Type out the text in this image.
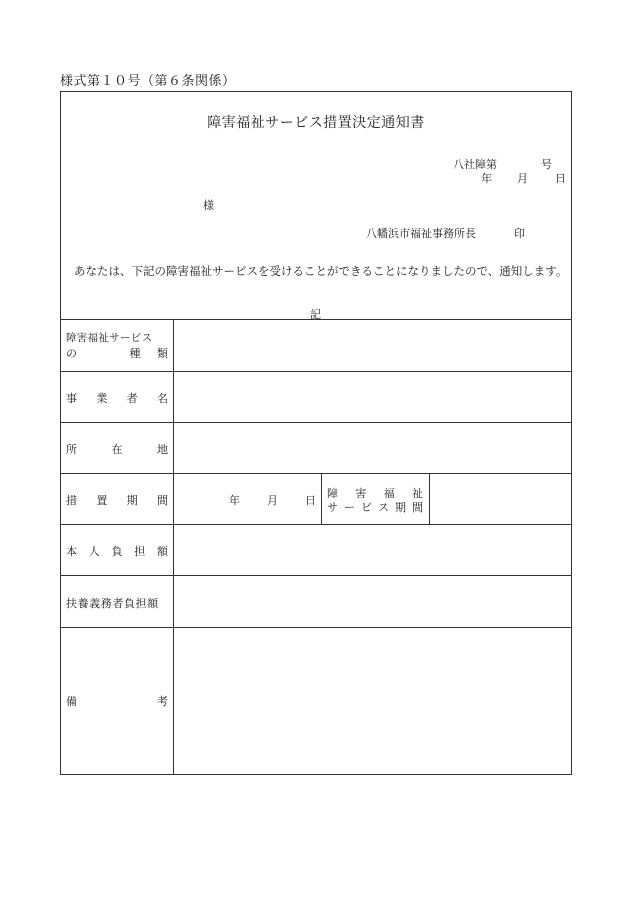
様式第１０号（第６条関係）
障害福祉サービス措置決定通知書
八社障第	号
年 月 日
様
八幡浜市福祉事務所長	印
あなたは、下記の障害福祉サービスを受けることができることになりましたので、通知します。
記
障害福祉サービス
の	種 類
事 業 者 名
所	在	地
措 置 期 間	年 月 日
障 害 福 祉
サ ー ビ ス 期 間
本 人 負 担 額
扶養義務者負担額
備	考
